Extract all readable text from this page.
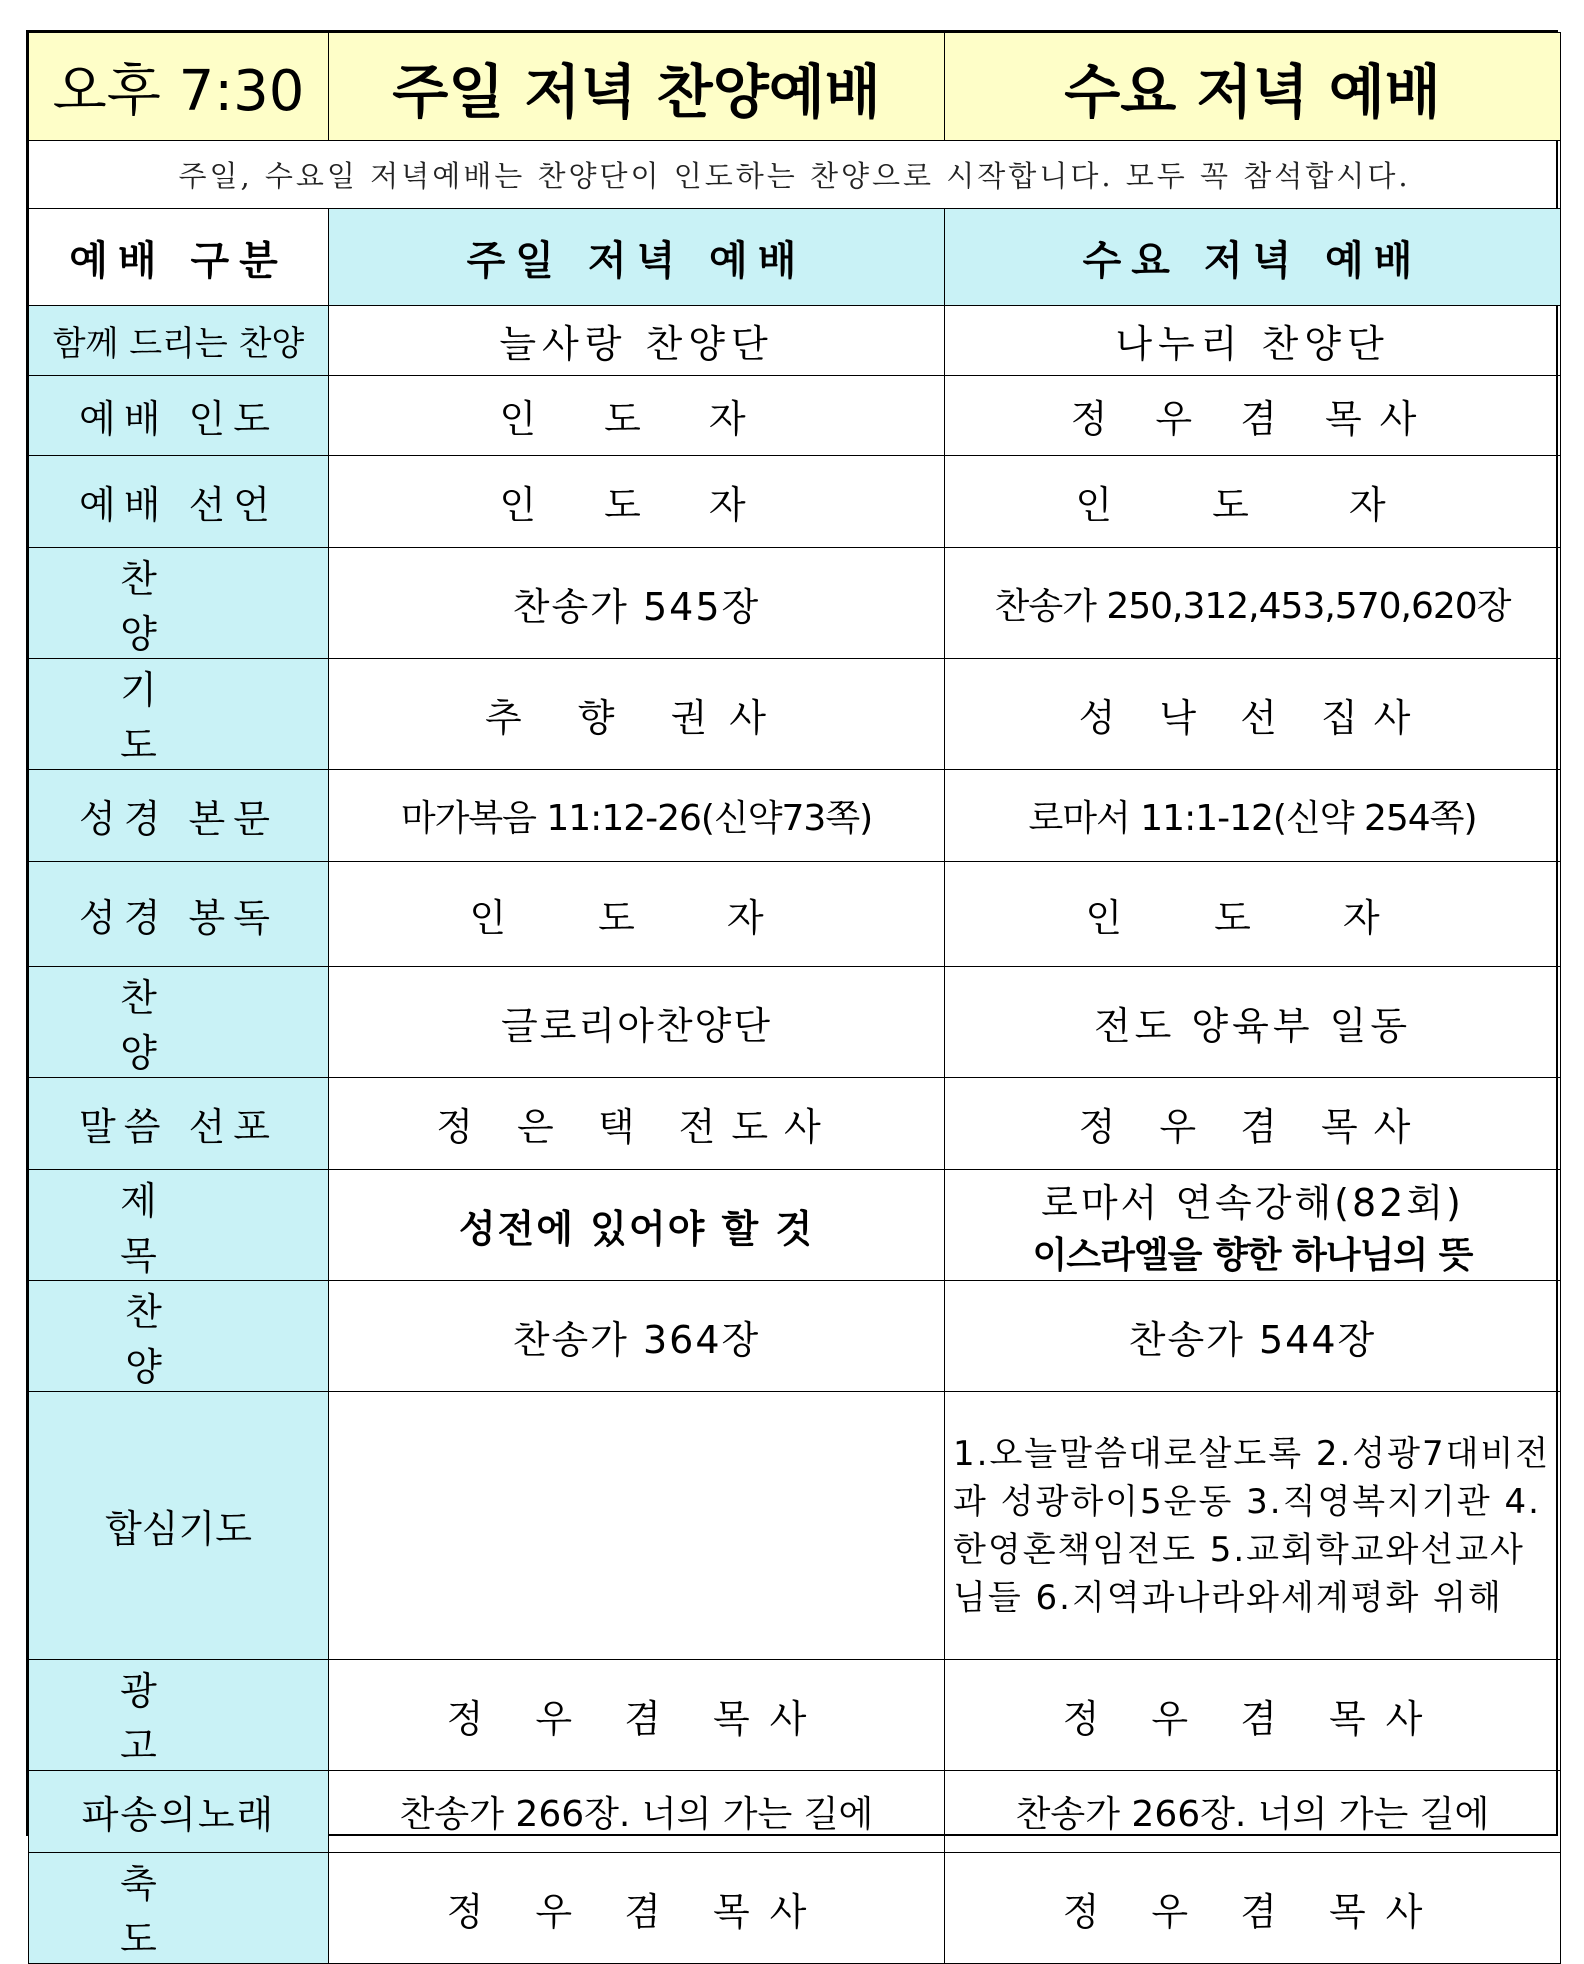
오후 7:30	주일 저녁 찬양예배	수요 저녁 예배
주일, 수요일 저녁예배는 찬양단이 인도하는 찬양으로 시작합니다. 모두 꼭 참석합시다.		
예배 구분	주일 저녁 예배	수요 저녁 예배
함께 드리는 찬양	늘사랑 찬양단	나누리 찬양단
예배 인도	인 도 자	정 우 겸 목사
예배 선언	인 도 자	인 도 자
찬 양	찬송가 545장	찬송가 250,312,453,570,620장
기 도	추 향 권사	성 낙 선 집사
성경 본문	마가복음 11:12-26(신약73쪽)	로마서 11:1-12(신약 254쪽)
성경 봉독	인 도 자	인 도 자
찬 양	글로리아찬양단	전도 양육부 일동
말씀 선포	정 은 택 전도사	정 우 겸 목사
제 목	성전에 있어야 할 것	로마서 연속강해(82회)
이스라엘을 향한 하나님의 뜻

찬 양	찬송가 364장	찬송가 544장
합심기도		1.오늘말씀대로살도록 2.성광7대비전과 성광하이5운동 3.직영복지기관 4.한영혼책임전도 5.교회학교와선교사님들 6.지역과나라와세계평화 위해
광 고	정 우 겸 목사	정 우 겸 목사
파송의노래	찬송가 266장. 너의 가는 길에	찬송가 266장. 너의 가는 길에
축 도	정 우 겸 목사	정 우 겸 목사
